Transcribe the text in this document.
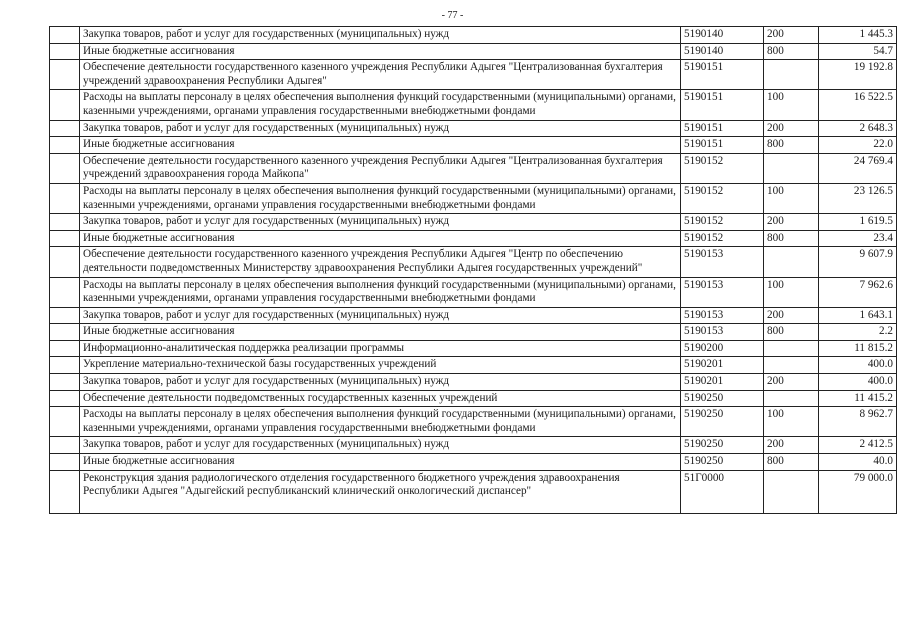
- 77 -
	Закупка товаров, работ и услуг для государственных (муниципальных) нужд	5190140	200	1 445.3
	Иные бюджетные ассигнования	5190140	800	54.7
	Обеспечение деятельности государственного казенного учреждения Республики Адыгея "Централизованная бухгалтерия учреждений здравоохранения Республики Адыгея"	5190151		19 192.8
	Расходы на выплаты персоналу в целях обеспечения выполнения функций государственными (муниципальными) органами, казенными учреждениями, органами управления государственными внебюджетными фондами	5190151	100	16 522.5
	Закупка товаров, работ и услуг для государственных (муниципальных) нужд	5190151	200	2 648.3
	Иные бюджетные ассигнования	5190151	800	22.0
	Обеспечение деятельности государственного казенного учреждения Республики Адыгея "Централизованная бухгалтерия учреждений здравоохранения города Майкопа"	5190152		24 769.4
	Расходы на выплаты персоналу в целях обеспечения выполнения функций государственными (муниципальными) органами, казенными учреждениями, органами управления государственными внебюджетными фондами	5190152	100	23 126.5
	Закупка товаров, работ и услуг для государственных (муниципальных) нужд	5190152	200	1 619.5
	Иные бюджетные ассигнования	5190152	800	23.4
	Обеспечение деятельности государственного казенного учреждения Республики Адыгея "Центр по обеспечению деятельности подведомственных Министерству здравоохранения Республики Адыгея государственных учреждений"	5190153		9 607.9
	Расходы на выплаты персоналу в целях обеспечения выполнения функций государственными (муниципальными) органами, казенными учреждениями, органами управления государственными внебюджетными фондами	5190153	100	7 962.6
	Закупка товаров, работ и услуг для государственных (муниципальных) нужд	5190153	200	1 643.1
	Иные бюджетные ассигнования	5190153	800	2.2
	Информационно-аналитическая поддержка реализации программы	5190200		11 815.2
	Укрепление материально-технической базы государственных учреждений	5190201		400.0
	Закупка товаров, работ и услуг для государственных (муниципальных) нужд	5190201	200	400.0
	Обеспечение деятельности подведомственных государственных казенных учреждений	5190250		11 415.2
	Расходы на выплаты персоналу в целях обеспечения выполнения функций государственными (муниципальными) органами, казенными учреждениями, органами управления государственными внебюджетными фондами	5190250	100	8 962.7
	Закупка товаров, работ и услуг для государственных (муниципальных) нужд	5190250	200	2 412.5
	Иные бюджетные ассигнования	5190250	800	40.0
	Реконструкция здания радиологического отделения государственного бюджетного учреждения здравоохранения Республики Адыгея "Адыгейский республиканский клинический онкологический диспансер"	51Г0000		79 000.0
